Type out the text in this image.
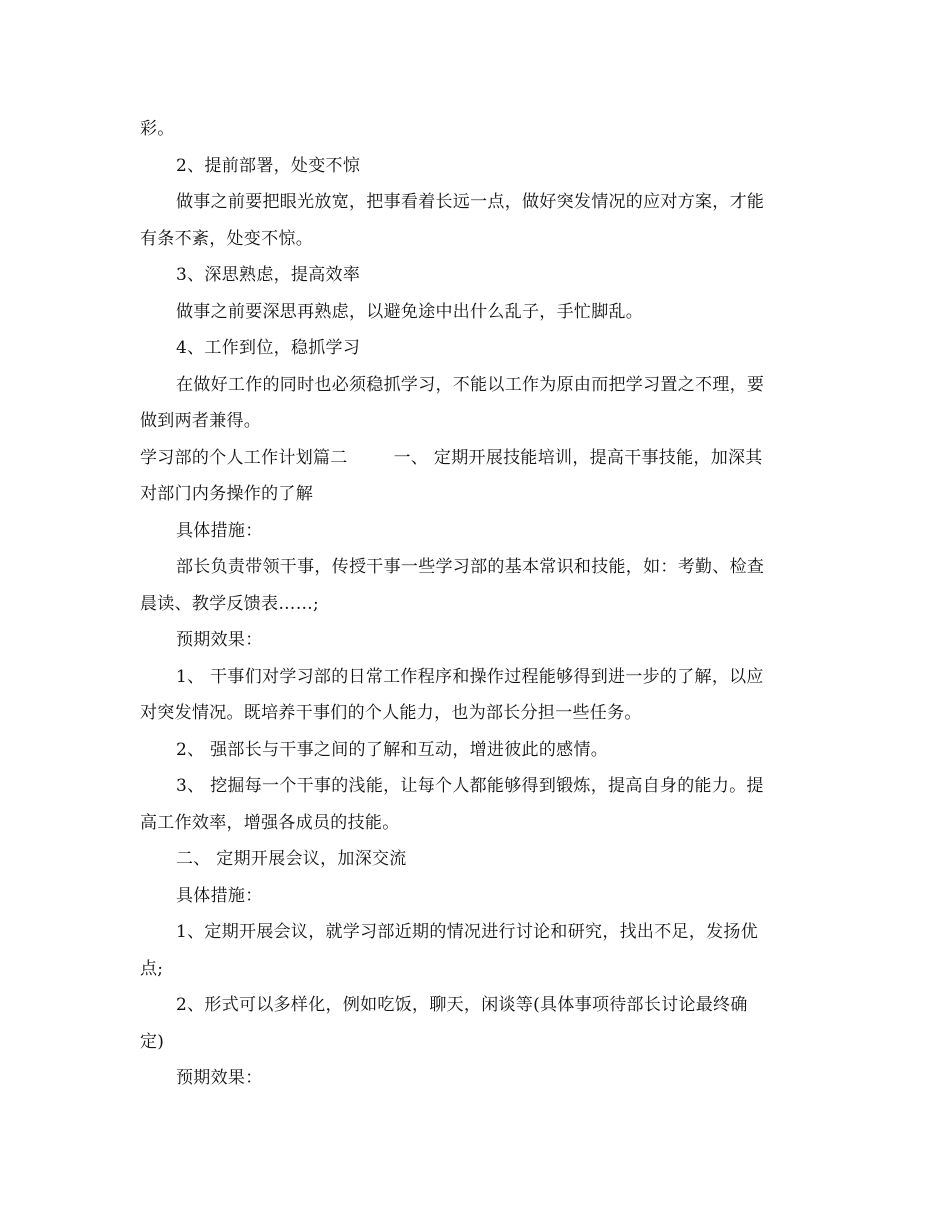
彩。
2、提前部署，处变不惊
做事之前要把眼光放宽，把事看着长远一点，做好突发情况的应对方案，才能
有条不紊，处变不惊。
3、深思熟虑，提高效率
做事之前要深思再熟虑，以避免途中出什么乱子，手忙脚乱。
4、工作到位，稳抓学习
在做好工作的同时也必须稳抓学习，不能以工作为原由而把学习置之不理，要
做到两者兼得。
学习部的个人工作计划篇二	一、 定期开展技能培训，提高干事技能，加深其
对部门内务操作的了解
具体措施：
部长负责带领干事，传授干事一些学习部的基本常识和技能，如：考勤、检查
晨读、教学反馈表……;
预期效果：
1、 干事们对学习部的日常工作程序和操作过程能够得到进一步的了解，以应
对突发情况。既培养干事们的个人能力，也为部长分担一些任务。
2、 强部长与干事之间的了解和互动，增进彼此的感情。
3、 挖掘每一个干事的浅能，让每个人都能够得到锻炼，提高自身的能力。提
高工作效率，增强各成员的技能。
二、 定期开展会议，加深交流
具体措施：
1、定期开展会议，就学习部近期的情况进行讨论和研究，找出不足，发扬优
点;
2、形式可以多样化，例如吃饭，聊天，闲谈等(具体事项待部长讨论最终确
定)
预期效果：
